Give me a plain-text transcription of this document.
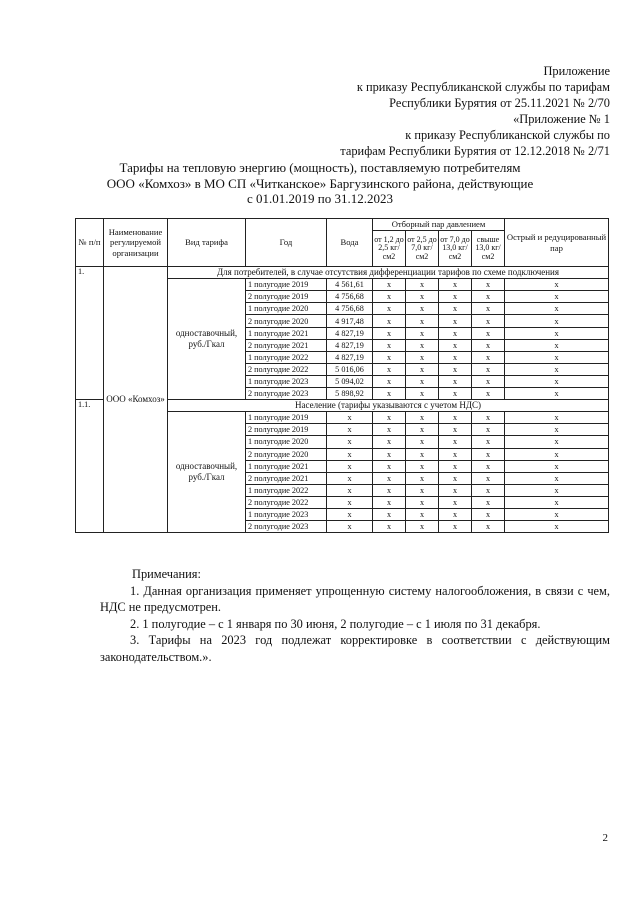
Приложение
к приказу Республиканской службы по тарифам
Республики Бурятия от 25.11.2021 № 2/70
«Приложение № 1
к приказу Республиканской службы по
тарифам Республики Бурятия от 12.12.2018 № 2/71
Тарифы на тепловую энергию (мощность), поставляемую потребителям
ООО «Комхоз» в МО СП «Читканское» Баргузинского района, действующие
с 01.01.2019 по 31.12.2023
№ п/п	Наименование регулируемой организации	Вид тарифа	Год	Вода	Отборный пар давлением				Острый и редуцированный пар
					от 1,2 до 2,5 кг/см2	от 2,5 до 7,0 кг/см2	от 7,0 до 13,0 кг/см2	свыше 13,0 кг/см2	
1.	ООО «Комхоз»	Для потребителей, в случае отсутствия дифференциации тарифов по схеме подключения							
		одноставочный, руб./Гкал	1 полугодие 2019	4 561,61	х	х	х	х	х
			2 полугодие 2019	4 756,68	х	х	х	х	х
			1 полугодие 2020	4 756,68	х	х	х	х	х
			2 полугодие 2020	4 917,48	х	х	х	х	х
			1 полугодие 2021	4 827,19	х	х	х	х	х
			2 полугодие 2021	4 827,19	х	х	х	х	х
			1 полугодие 2022	4 827,19	х	х	х	х	х
			2 полугодие 2022	5 016,06	х	х	х	х	х
			1 полугодие 2023	5 094,02	х	х	х	х	х
			2 полугодие 2023	5 898,92	х	х	х	х	х
1.1.		Население (тарифы указываются с учетом НДС)							
		одноставочный, руб./Гкал	1 полугодие 2019	х	х	х	х	х	х
			2 полугодие 2019	х	х	х	х	х	х
			1 полугодие 2020	х	х	х	х	х	х
			2 полугодие 2020	х	х	х	х	х	х
			1 полугодие 2021	х	х	х	х	х	х
			2 полугодие 2021	х	х	х	х	х	х
			1 полугодие 2022	х	х	х	х	х	х
			2 полугодие 2022	х	х	х	х	х	х
			1 полугодие 2023	х	х	х	х	х	х
			2 полугодие 2023	х	х	х	х	х	х

Примечания:

1. Данная организация применяет упрощенную систему налогообложения, в связи с чем, НДС не предусмотрен.

2. 1 полугодие – с 1 января по 30 июня, 2 полугодие – с 1 июля по 31 декабря.

3. Тарифы на 2023 год подлежат корректировке в соответствии с действующим законодательством.».

2
